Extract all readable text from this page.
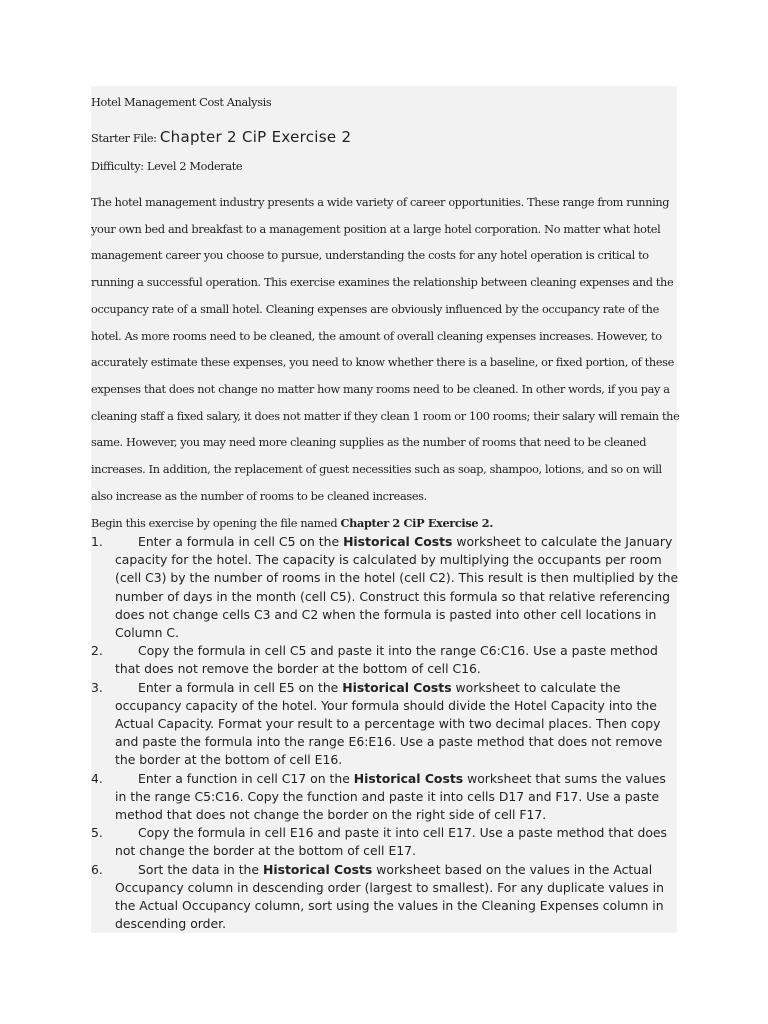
Hotel Management Cost Analysis
Starter File: Chapter 2 CiP Exercise 2
Difficulty: Level 2 Moderate
The hotel management industry presents a wide variety of career opportunities. These range from running
your own bed and breakfast to a management position at a large hotel corporation. No matter what hotel
management career you choose to pursue, understanding the costs for any hotel operation is critical to
running a successful operation. This exercise examines the relationship between cleaning expenses and the
occupancy rate of a small hotel. Cleaning expenses are obviously influenced by the occupancy rate of the
hotel. As more rooms need to be cleaned, the amount of overall cleaning expenses increases. However, to
accurately estimate these expenses, you need to know whether there is a baseline, or fixed portion, of these
expenses that does not change no matter how many rooms need to be cleaned. In other words, if you pay a
cleaning staff a fixed salary, it does not matter if they clean 1 room or 100 rooms; their salary will remain the
same. However, you may need more cleaning supplies as the number of rooms that need to be cleaned
increases. In addition, the replacement of guest necessities such as soap, shampoo, lotions, and so on will
also increase as the number of rooms to be cleaned increases.
Begin this exercise by opening the file named Chapter 2 CiP Exercise 2.
1.	Enter a formula in cell C5 on the Historical Costs worksheet to calculate the January capacity for the hotel. The capacity is calculated by multiplying the occupants per room (cell C3) by the number of rooms in the hotel (cell C2). This result is then multiplied by the number of days in the month (cell C5). Construct this formula so that relative referencing does not change cells C3 and C2 when the formula is pasted into other cell locations in Column C.
2.	Copy the formula in cell C5 and paste it into the range C6:C16. Use a paste method that does not remove the border at the bottom of cell C16.
3.	Enter a formula in cell E5 on the Historical Costs worksheet to calculate the occupancy capacity of the hotel. Your formula should divide the Hotel Capacity into the Actual Capacity. Format your result to a percentage with two decimal places. Then copy and paste the formula into the range E6:E16. Use a paste method that does not remove the border at the bottom of cell E16.
4.	Enter a function in cell C17 on the Historical Costs worksheet that sums the values in the range C5:C16. Copy the function and paste it into cells D17 and F17. Use a paste method that does not change the border on the right side of cell F17.
5.	Copy the formula in cell E16 and paste it into cell E17. Use a paste method that does not change the border at the bottom of cell E17.
6.	Sort the data in the Historical Costs worksheet based on the values in the Actual Occupancy column in descending order (largest to smallest). For any duplicate values in the Actual Occupancy column, sort using the values in the Cleaning Expenses column in descending order.
